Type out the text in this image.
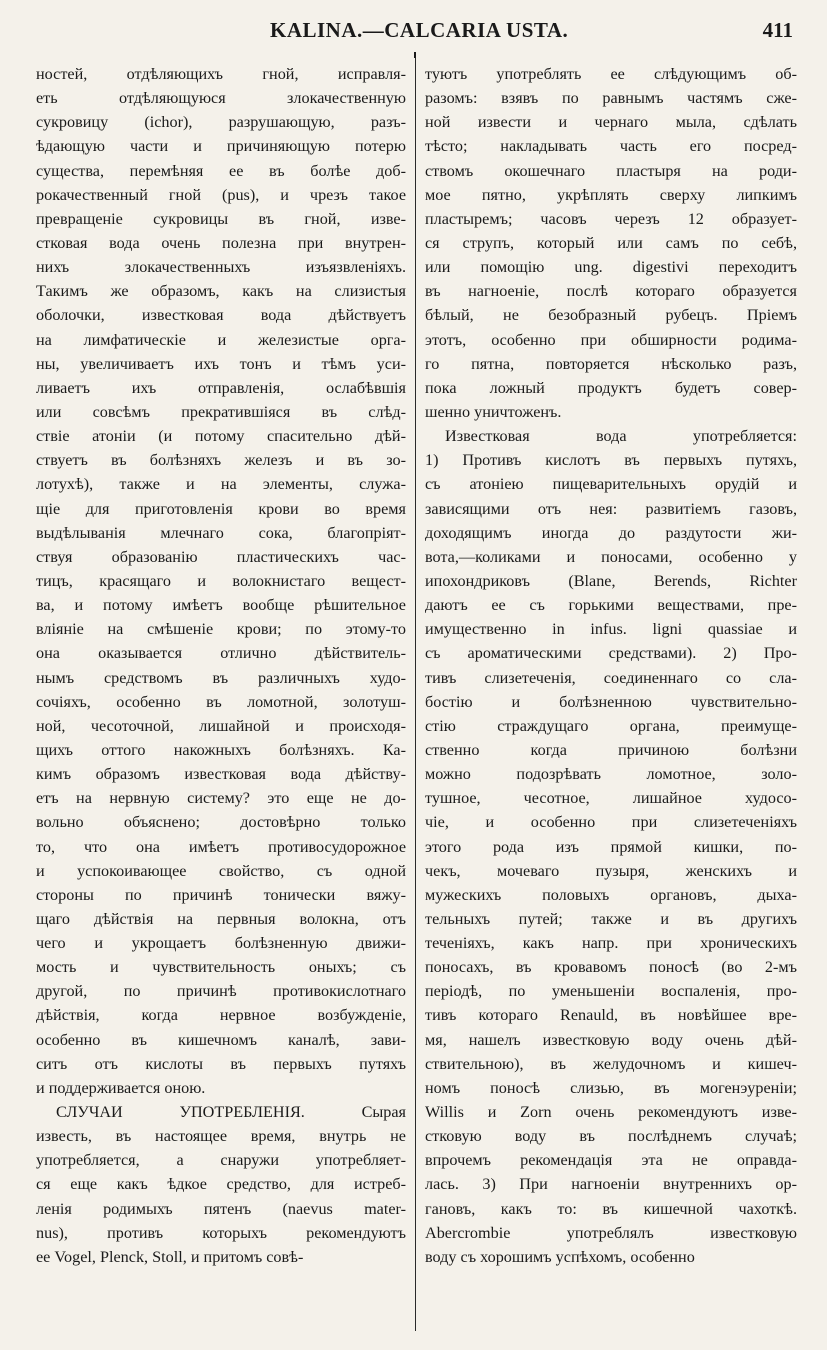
KALINA.—CALCARIA USTA.	411
ностей, отдѣляющихъ гной, исправля-
еть отдѣляющуюся злокачественную
сукровицу (ichor), разрушающую, разъ-
ѣдающую части и причиняющую потерю
существа, перемѣняя ее въ болѣе доб-
рокачественный гной (pus), и чрезъ такое
превращеніе сукровицы въ гной, изве-
стковая вода очень полезна при внутрен-
нихъ злокачественныхъ изъязвленіяхъ.
Такимъ же образомъ, какъ на слизистыя
оболочки, известковая вода дѣйствуетъ
на лимфатическіе и железистые орга-
ны, увеличиваетъ ихъ тонъ и тѣмъ уси-
ливаетъ ихъ отправленія, ослабѣвшія
или совсѣмъ прекратившіяся въ слѣд-
ствіе атоніи (и потому спасительно дѣй-
ствуетъ въ болѣзняхъ железъ и въ зо-
лотухѣ), также и на элементы, служа-
щіе для приготовленія крови во время
выдѣлыванія млечнаго сока, благопріят-
ствуя образованію пластическихъ час-
тицъ, красящаго и волокнистаго вещест-
ва, и потому имѣетъ вообще рѣшительное
вліяніе на смѣшеніе крови; по этому-то
она оказывается отлично дѣйствитель-
нымъ средствомъ въ различныхъ худо-
сочіяхъ, особенно въ ломотной, золотуш-
ной, чесоточной, лишайной и происходя-
щихъ оттого накожныхъ болѣзняхъ. Ка-
кимъ образомъ известковая вода дѣйству-
етъ на нервную систему? это еще не до-
вольно объяснено; достовѣрно только
то, что она имѣетъ противосудорожное
и успокоивающее свойство, съ одной
стороны по причинѣ тонически вяжу-
щаго дѣйствія на первныя волокна, отъ
чего и укрощаетъ болѣзненную движи-
мость и чувствительность оныхъ; съ
другой, по причинѣ противокислотнаго
дѣйствія, когда нервное возбужденіе,
особенно въ кишечномъ каналѣ, зави-
ситъ отъ кислоты въ первыхъ путяхъ
и поддерживается оною.
СЛУЧАИ УПОТРЕБЛЕНІЯ. Сырая
известь, въ настоящее время, внутрь не
употребляется, а снаружи употребляет-
ся еще какъ ѣдкое средство, для истреб-
ленія родимыхъ пятенъ (naevus mater-
nus), противъ которыхъ рекомендуютъ
ее Vogel, Plenck, Stoll, и притомъ совѣ-
туютъ употреблять ее слѣдующимъ об-
разомъ: взявъ по равнымъ частямъ сже-
ной извести и чернаго мыла, сдѣлать
тѣсто; накладывать часть его посред-
ствомъ окошечнаго пластыря на роди-
мое пятно, укрѣплять сверху липкимъ
пластыремъ; часовъ черезъ 12 образует-
ся струпъ, который или самъ по себѣ,
или помощію ung. digestivi переходитъ
въ нагноеніе, послѣ котораго образуется
бѣлый, не безобразный рубецъ. Пріемъ
этотъ, особенно при обширности родима-
го пятна, повторяется нѣсколько разъ,
пока ложный продуктъ будетъ совер-
шенно уничтоженъ.
Известковая вода употребляется:
1) Противъ кислотъ въ первыхъ путяхъ,
съ атоніею пищеварительныхъ орудій и
зависящими отъ нея: развитіемъ газовъ,
доходящимъ иногда до раздутости жи-
вота,—коликами и поносами, особенно у
ипохондриковъ (Blane, Berends, Richter
даютъ ее съ горькими веществами, пре-
имущественно in infus. ligni quassiae и
съ ароматическими средствами). 2) Про-
тивъ слизетеченія, соединеннаго со сла-
бостію и болѣзненною чувствительно-
стію страждущаго органа, преимуще-
ственно когда причиною болѣзни
можно подозрѣвать ломотное, золо-
тушное, чесотное, лишайное худосо-
чіе, и особенно при слизетеченіяхъ
этого рода изъ прямой кишки, по-
чекъ, мочеваго пузыря, женскихъ и
мужескихъ половыхъ органовъ, дыха-
тельныхъ путей; также и въ другихъ
теченіяхъ, какъ напр. при хроническихъ
поносахъ, въ кровавомъ поносѣ (во 2-мъ
періодѣ, по уменьшеніи воспаленія, про-
тивъ котораго Renauld, въ новѣйшее вре-
мя, нашелъ известковую воду очень дѣй-
ствительною), въ желудочномъ и кишеч-
номъ поносѣ слизью, въ могенэуреніи;
Willis и Zorn очень рекомендуютъ изве-
стковую воду въ послѣднемъ случаѣ;
впрочемъ рекомендація эта не оправда-
лась. 3) При нагноеніи внутреннихъ ор-
гановъ, какъ то: въ кишечной чахоткѣ.
Abercrombie употреблялъ известковую
воду съ хорошимъ успѣхомъ, особенно
